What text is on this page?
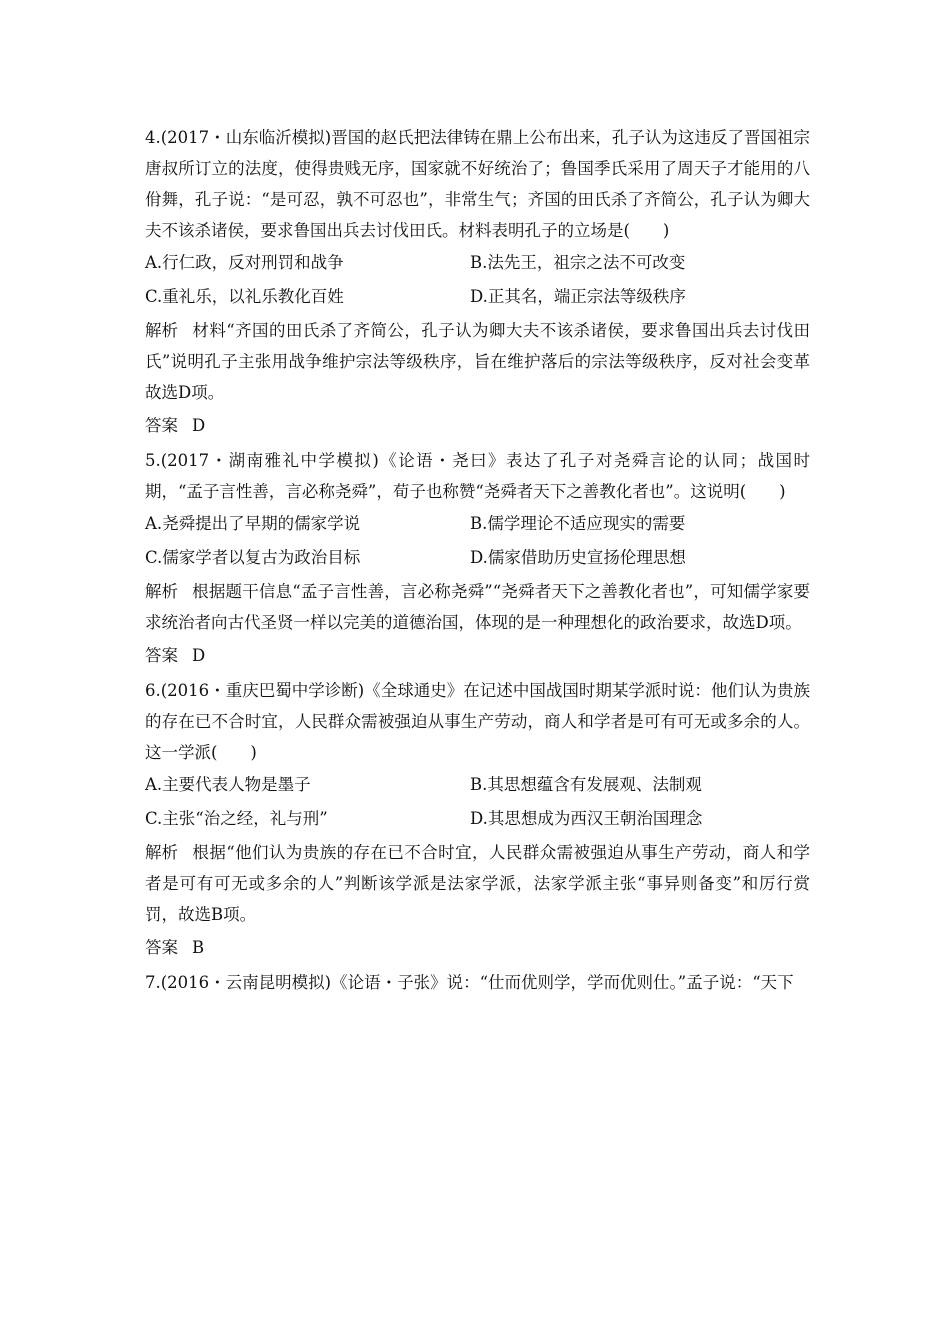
4.(2017・山东临沂模拟)晋国的赵氏把法律铸在鼎上公布出来，孔子认为这违反了晋国祖宗唐叔所订立的法度，使得贵贱无序，国家就不好统治了；鲁国季氏采用了周天子才能用的八佾舞，孔子说：“是可忍，孰不可忍也”，非常生气；齐国的田氏杀了齐简公，孔子认为卿大夫不该杀诸侯，要求鲁国出兵去讨伐田氏。材料表明孔子的立场是(　　)

A.行仁政，反对刑罚和战争	B.法先王，祖宗之法不可改变
C.重礼乐，以礼乐教化百姓	D.正其名，端正宗法等级秩序

解析 材料“齐国的田氏杀了齐简公，孔子认为卿大夫不该杀诸侯，要求鲁国出兵去讨伐田氏”说明孔子主张用战争维护宗法等级秩序，旨在维护落后的宗法等级秩序，反对社会变革故选D项。

答案 D

5.(2017・湖南雅礼中学模拟)《论语・尧曰》表达了孔子对尧舜言论的认同；战国时期，“孟子言性善，言必称尧舜”，荀子也称赞“尧舜者天下之善教化者也”。这说明(　　)

A.尧舜提出了早期的儒家学说	B.儒学理论不适应现实的需要
C.儒家学者以复古为政治目标	D.儒家借助历史宣扬伦理思想

解析 根据题干信息“孟子言性善，言必称尧舜”“尧舜者天下之善教化者也”，可知儒学家要求统治者向古代圣贤一样以完美的道德治国，体现的是一种理想化的政治要求，故选D项。

答案 D

6.(2016・重庆巴蜀中学诊断)《全球通史》在记述中国战国时期某学派时说：他们认为贵族的存在已不合时宜，人民群众需被强迫从事生产劳动，商人和学者是可有可无或多余的人。这一学派(　　)

A.主要代表人物是墨子	B.其思想蕴含有发展观、法制观
C.主张“治之经，礼与刑”	D.其思想成为西汉王朝治国理念

解析 根据“他们认为贵族的存在已不合时宜，人民群众需被强迫从事生产劳动，商人和学者是可有可无或多余的人”判断该学派是法家学派，法家学派主张“事异则备变”和厉行赏罚，故选B项。

答案 B

7.(2016・云南昆明模拟)《论语・子张》说：“仕而优则学，学而优则仕。”孟子说：“天下
